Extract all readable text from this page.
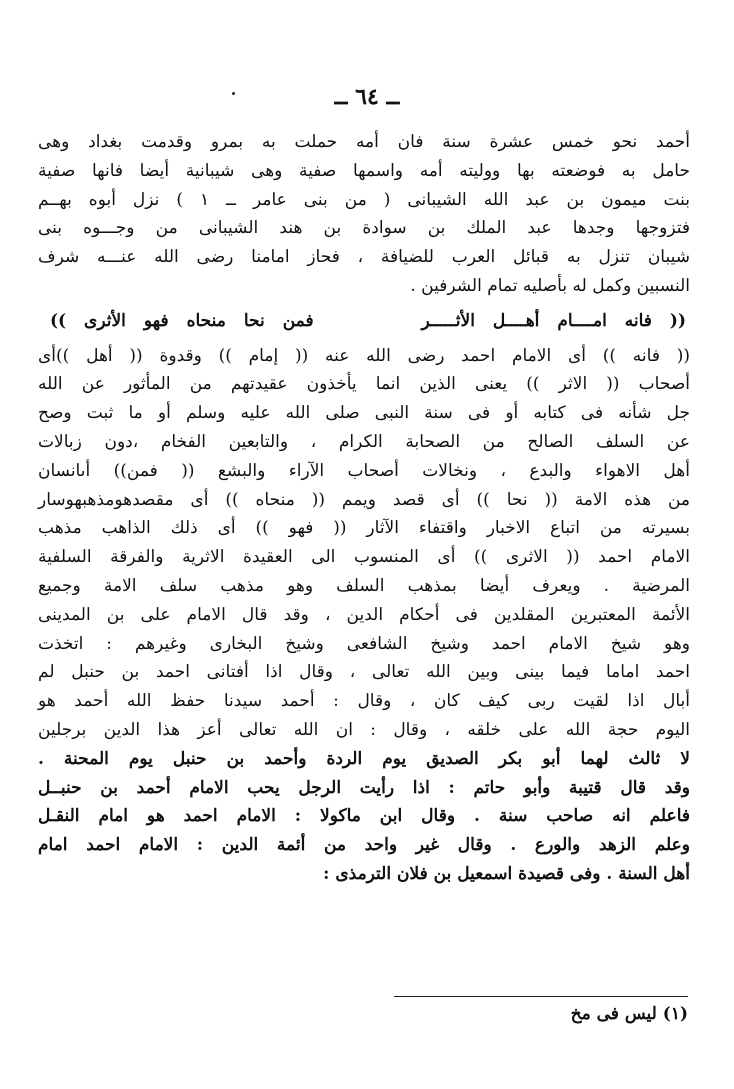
ــ ٦٤ ــ
أحمد نحو خمس عشرة سنة فان أمه حملت به بمرو وقدمت بغداد وهى
حامل به فوضعته بها ووليته أمه واسمها صفية وهى شيبانية أيضا فانها صفية
بنت ميمون بن عبد الله الشيبانى ( من بنى عامر ــ ١ ) نزل أبوه بهــم
فتزوجها وجدها عبد الملك بن سوادة بن هند الشيبانى من وجـــوه بنى
شيبان تنزل به قبائل العرب للضيافة ، فحاز امامنا رضى الله عنـــه شرف
النسبين وكمل له بأصليه تمام الشرفين .
(( فانه امــــام أهــــل الأثـــــر      فمن نحا منحاه فهو الأثرى ))
(( فانه )) أى الامام احمد رضى الله عنه (( إمام )) وقدوة (( أهل ))أى
أصحاب (( الاثر )) يعنى الذين انما يأخذون عقيدتهم من المأثور عن الله
جل شأنه فى كتابه أو فى سنة النبى صلى الله عليه وسلم أو ما ثبت وصح
عن السلف الصالح من الصحابة الكرام ، والتابعين الفخام ،دون زبالات
أهل الاهواء والبدع ، ونخالات أصحاب الآراء والبشع (( فمن)) أىانسان
من هذه الامة (( نحا )) أى قصد ويمم (( منحاه )) أى مقصدهومذهبهوسار
بسيرته من اتباع الاخبار واقتفاء الآثار (( فهو )) أى ذلك الذاهب مذهب
الامام احمد (( الاثرى )) أى المنسوب الى العقيدة الاثرية والفرقة السلفية
المرضية . ويعرف أيضا بمذهب السلف وهو مذهب سلف الامة وجميع
الأئمة المعتبرين المقلدين فى أحكام الدين ، وقد قال الامام على بن المدينى
وهو شيخ الامام احمد وشيخ الشافعى وشيخ البخارى وغيرهم : اتخذت
احمد اماما فيما بينى وبين الله تعالى ، وقال اذا أفتانى احمد بن حنبل لم
أبال اذا لقيت ربى كيف كان ، وقال : أحمد سيدنا حفظ الله أحمد هو
اليوم حجة الله على خلقه ، وقال : ان الله تعالى أعز هذا الدين برجلين
لا ثالث لهما أبو بكر الصديق يوم الردة وأحمد بن حنبل يوم المحنة .
وقد قال قتيبة وأبو حاتم : اذا رأيت الرجل يحب الامام أحمد بن حنبــل
فاعلم انه صاحب سنة . وقال ابن ماكولا : الامام احمد هو امام النقـل
وعلم الزهد والورع . وقال غير واحد من أئمة الدين : الامام احمد امام
أهل السنة . وفى قصيدة اسمعيل بن فلان الترمذى :
(١) ليس فى مخ
